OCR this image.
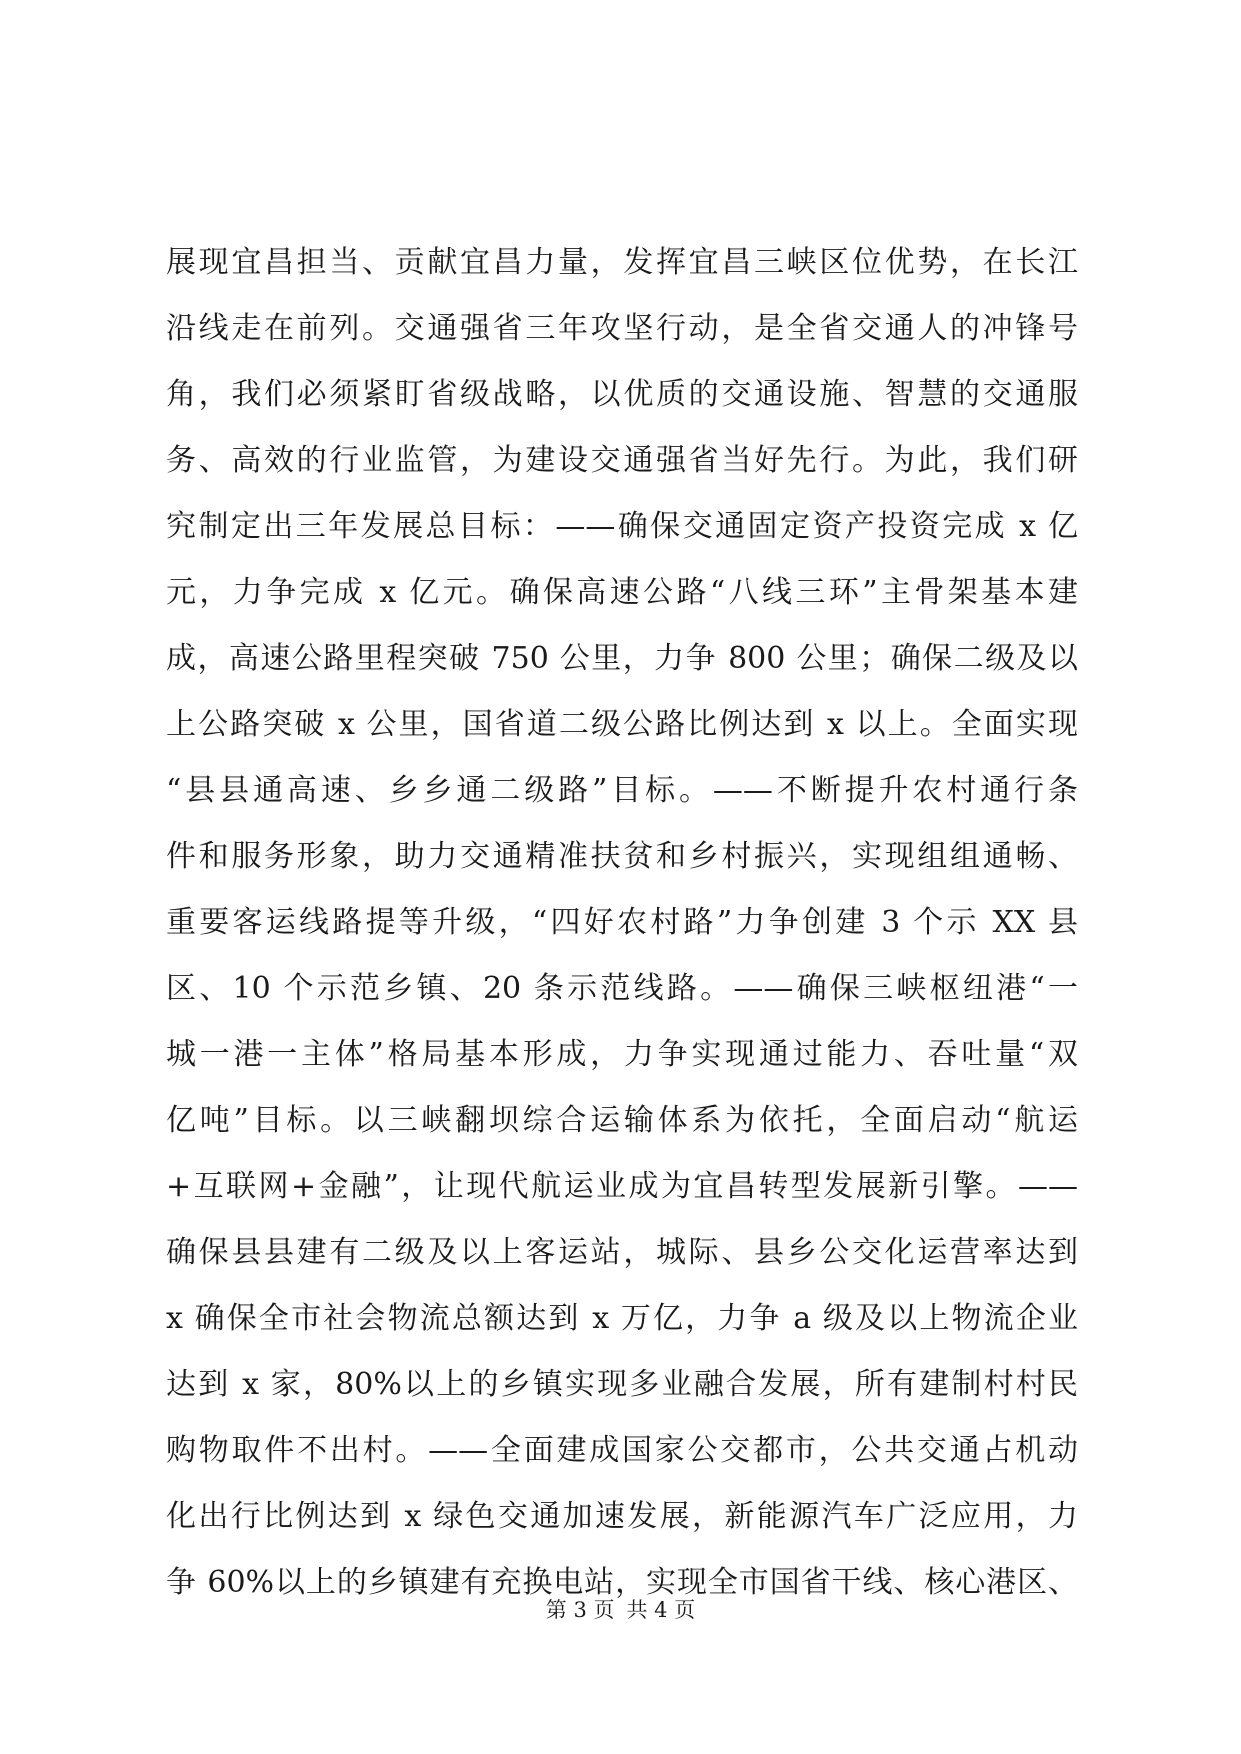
展现宜昌担当、贡献宜昌力量，发挥宜昌三峡区位优势，在长江
沿线走在前列。交通强省三年攻坚行动，是全省交通人的冲锋号
角，我们必须紧盯省级战略，以优质的交通设施、智慧的交通服
务、高效的行业监管，为建设交通强省当好先行。为此，我们研
究制定出三年发展总目标：——确保交通固定资产投资完成 x 亿
元，力争完成 x 亿元。确保高速公路“八线三环”主骨架基本建
成，高速公路里程突破 750 公里，力争 800 公里；确保二级及以
上公路突破 x 公里，国省道二级公路比例达到 x 以上。全面实现
“县县通高速、乡乡通二级路”目标。——不断提升农村通行条
件和服务形象，助力交通精准扶贫和乡村振兴，实现组组通畅、
重要客运线路提等升级，“四好农村路”力争创建 3 个示 XX 县
区、10 个示范乡镇、20 条示范线路。——确保三峡枢纽港“一
城一港一主体”格局基本形成，力争实现通过能力、吞吐量“双
亿吨”目标。以三峡翻坝综合运输体系为依托，全面启动“航运
+互联网+金融”，让现代航运业成为宜昌转型发展新引擎。——
确保县县建有二级及以上客运站，城际、县乡公交化运营率达到
x 确保全市社会物流总额达到 x 万亿，力争 a 级及以上物流企业
达到 x 家，80%以上的乡镇实现多业融合发展，所有建制村村民
购物取件不出村。——全面建成国家公交都市，公共交通占机动
化出行比例达到 x 绿色交通加速发展，新能源汽车广泛应用，力
争 60%以上的乡镇建有充换电站，实现全市国省干线、核心港区、
第 3 页 共 4 页
